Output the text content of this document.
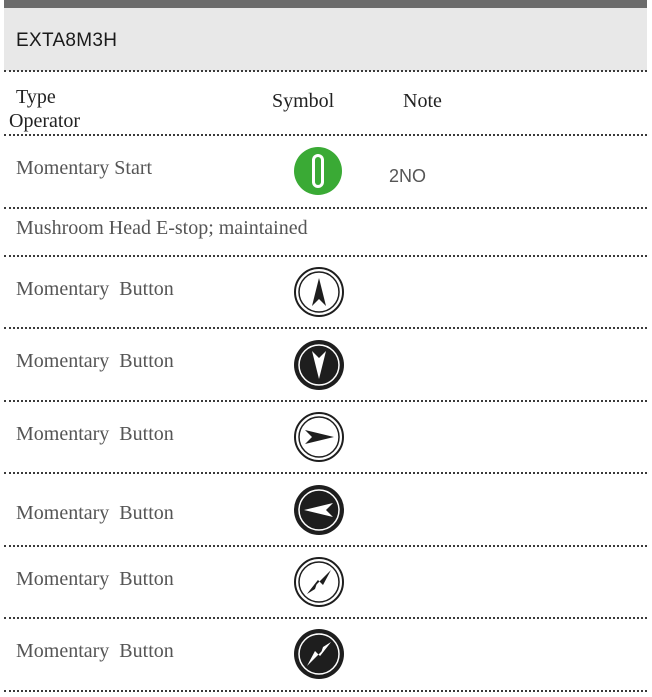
EXTA8M3H
Type
Operator
Symbol	Note
Momentary Start	2NO
Mushroom Head E-stop; maintained
Momentary  Button
Momentary  Button
Momentary  Button
Momentary  Button
Momentary  Button
Momentary  Button
